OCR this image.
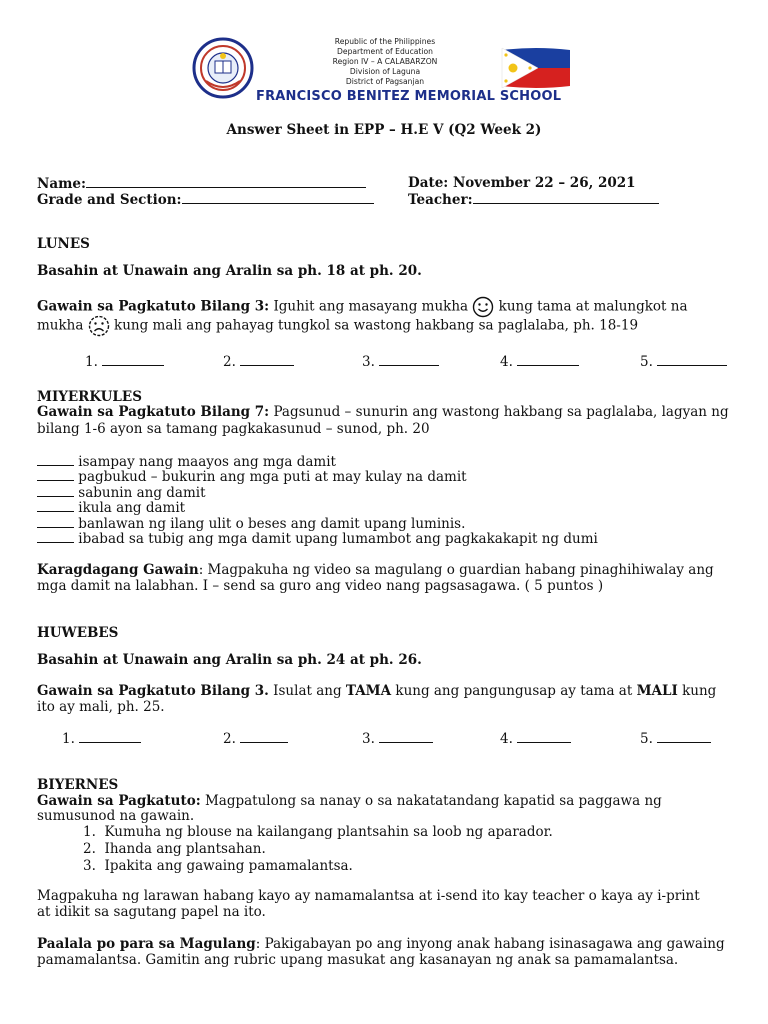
Republic of the Philippines
Department of Education
Region IV – A CALABARZON
Division of Laguna
District of Pagsanjan
FRANCISCO BENITEZ MEMORIAL SCHOOL
Answer Sheet in EPP – H.E V (Q2 Week 2)
Name:
Grade and Section:
Date: November 22 – 26, 2021
Teacher:
LUNES
Basahin at Unawain ang Aralin sa ph. 18 at ph. 20.
Gawain sa Pagkatuto Bilang 3: Iguhit ang masayang mukha  kung tama at malungkot na
mukha  kung mali ang pahayag tungkol sa wastong hakbang sa paglalaba, ph. 18-19
1.	2.	3.	4.	5.
MIYERKULES
Gawain sa Pagkatuto Bilang 7: Pagsunud – sunurin ang wastong hakbang sa paglalaba, lagyan ng
bilang 1-6 ayon sa tamang pagkakasunud – sunod, ph. 20
isampay nang maayos ang mga damit
pagbukud – bukurin ang mga puti at may kulay na damit
sabunin ang damit
ikula ang damit
banlawan ng ilang ulit o beses ang damit upang luminis.
ibabad sa tubig ang mga damit upang lumambot ang pagkakakapit ng dumi
Karagdagang Gawain: Magpakuha ng video sa magulang o guardian habang pinaghihiwalay ang
mga damit na lalabhan. I – send sa guro ang video nang pagsasagawa. ( 5 puntos )
HUWEBES
Basahin at Unawain ang Aralin sa ph. 24 at ph. 26.
Gawain sa Pagkatuto Bilang 3. Isulat ang TAMA kung ang pangungusap ay tama at MALI kung
ito ay mali, ph. 25.
1.	2.	3.	4.	5.
BIYERNES
Gawain sa Pagkatuto: Magpatulong sa nanay o sa nakatatandang kapatid sa paggawa ng
sumusunod na gawain.
1. Kumuha ng blouse na kailangang plantsahin sa loob ng aparador.
2. Ihanda ang plantsahan.
3. Ipakita ang gawaing pamamalantsa.
Magpakuha ng larawan habang kayo ay namamalantsa at i-send ito kay teacher o kaya ay i-print
at idikit sa sagutang papel na ito.
Paalala po para sa Magulang: Pakigabayan po ang inyong anak habang isinasagawa ang gawaing
pamamalantsa. Gamitin ang rubric upang masukat ang kasanayan ng anak sa pamamalantsa.
